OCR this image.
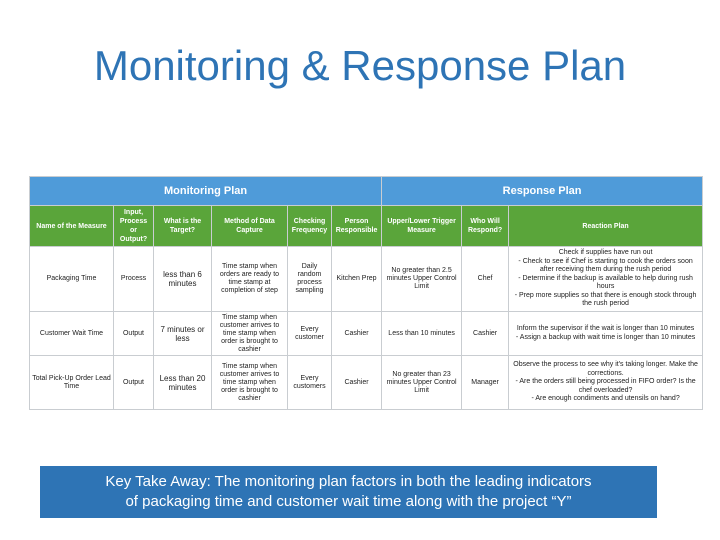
Monitoring & Response Plan
Monitoring Plan						Response Plan		
Name of the Measure	Input, Process or Output?	What is the Target?	Method of Data Capture	Checking Frequency	Person Responsible	Upper/Lower Trigger Measure	Who Will Respond?	Reaction Plan
Packaging Time	Process	less than 6 minutes	Time stamp when orders are ready to time stamp at completion of step	Daily random process sampling	Kitchen Prep	No greater than 2.5 minutes Upper Control Limit	Chef	Check if supplies have run out
- Check to see if Chef is starting to cook the orders soon after receiving them during the rush period
- Determine if the backup is available to help during rush hours
- Prep more supplies so that there is enough stock through the rush period

Customer Wait Time	Output	7 minutes or less	Time stamp when customer arrives to time stamp when order is brought to cashier	Every customer	Cashier	Less than 10 minutes	Cashier	Inform the supervisor if the wait is longer than 10 minutes
- Assign a backup with wait time is longer than 10 minutes

Total Pick-Up Order Lead Time	Output	Less than 20 minutes	Time stamp when customer arrives to time stamp when order is brought to cashier	Every customers	Cashier	No greater than 23 minutes Upper Control Limit	Manager	Observe the process to see why it's taking longer. Make the corrections.
- Are the orders still being processed in FIFO order? Is the chef overloaded?
- Are enough condiments and utensils on hand?
Key Take Away: The monitoring plan factors in both the leading indicators
of packaging time and customer wait time along with the project “Y”
